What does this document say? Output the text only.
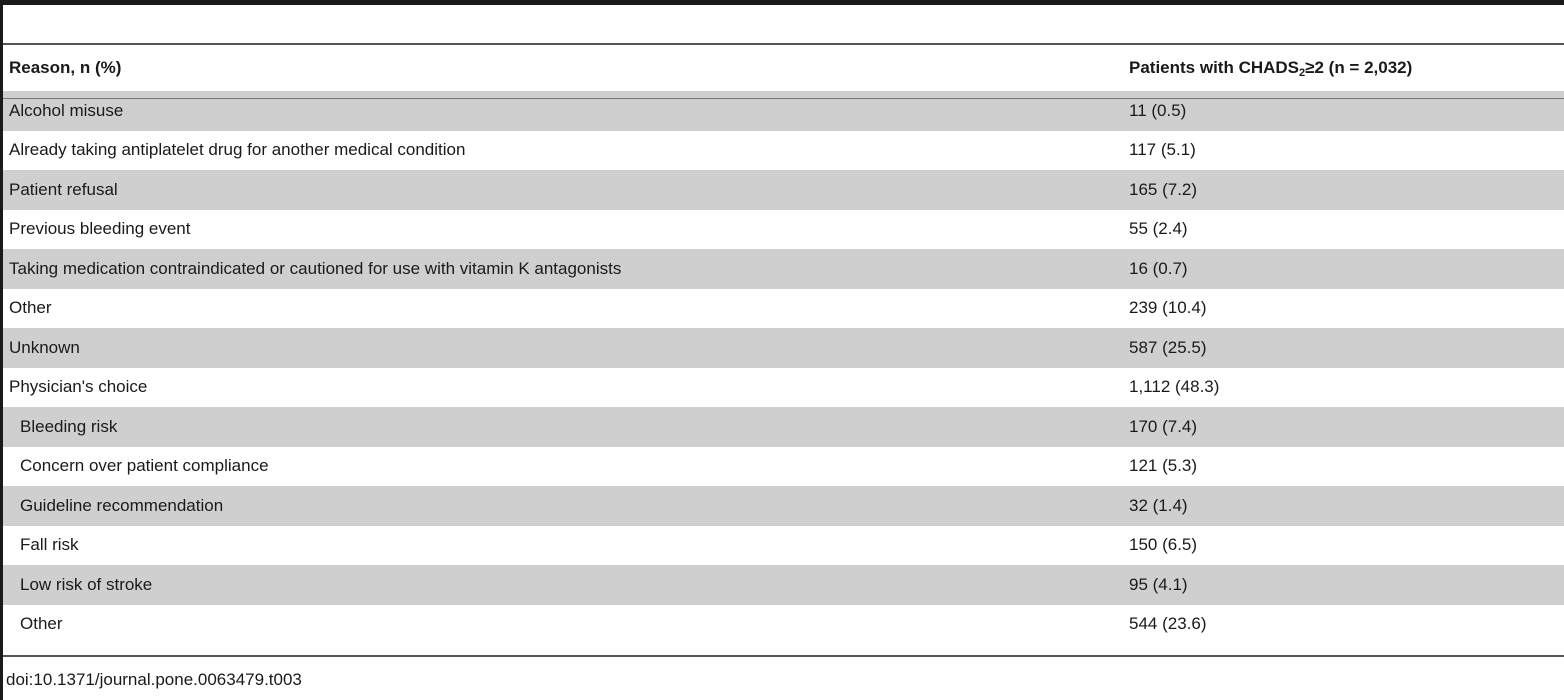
Reason, n (%)	Patients with $CHADS_2\ge 2$ (n = 2,032)
Alcohol misuse	11 (0.5)
Already taking antiplatelet drug for another medical condition	117 (5.1)
Patient refusal	165 (7.2)
Previous bleeding event	55 (2.4)
Taking medication contraindicated or cautioned for use with vitamin K antagonists	16 (0.7)
Other	239 (10.4)
Unknown	587 (25.5)
Physician's choice	1,112 (48.3)
Bleeding risk	170 (7.4)
Concern over patient compliance	121 (5.3)
Guideline recommendation	32 (1.4)
Fall risk	150 (6.5)
Low risk of stroke	95 (4.1)
Other	544 (23.6)
doi:10.1371/journal.pone.0063479.t003
